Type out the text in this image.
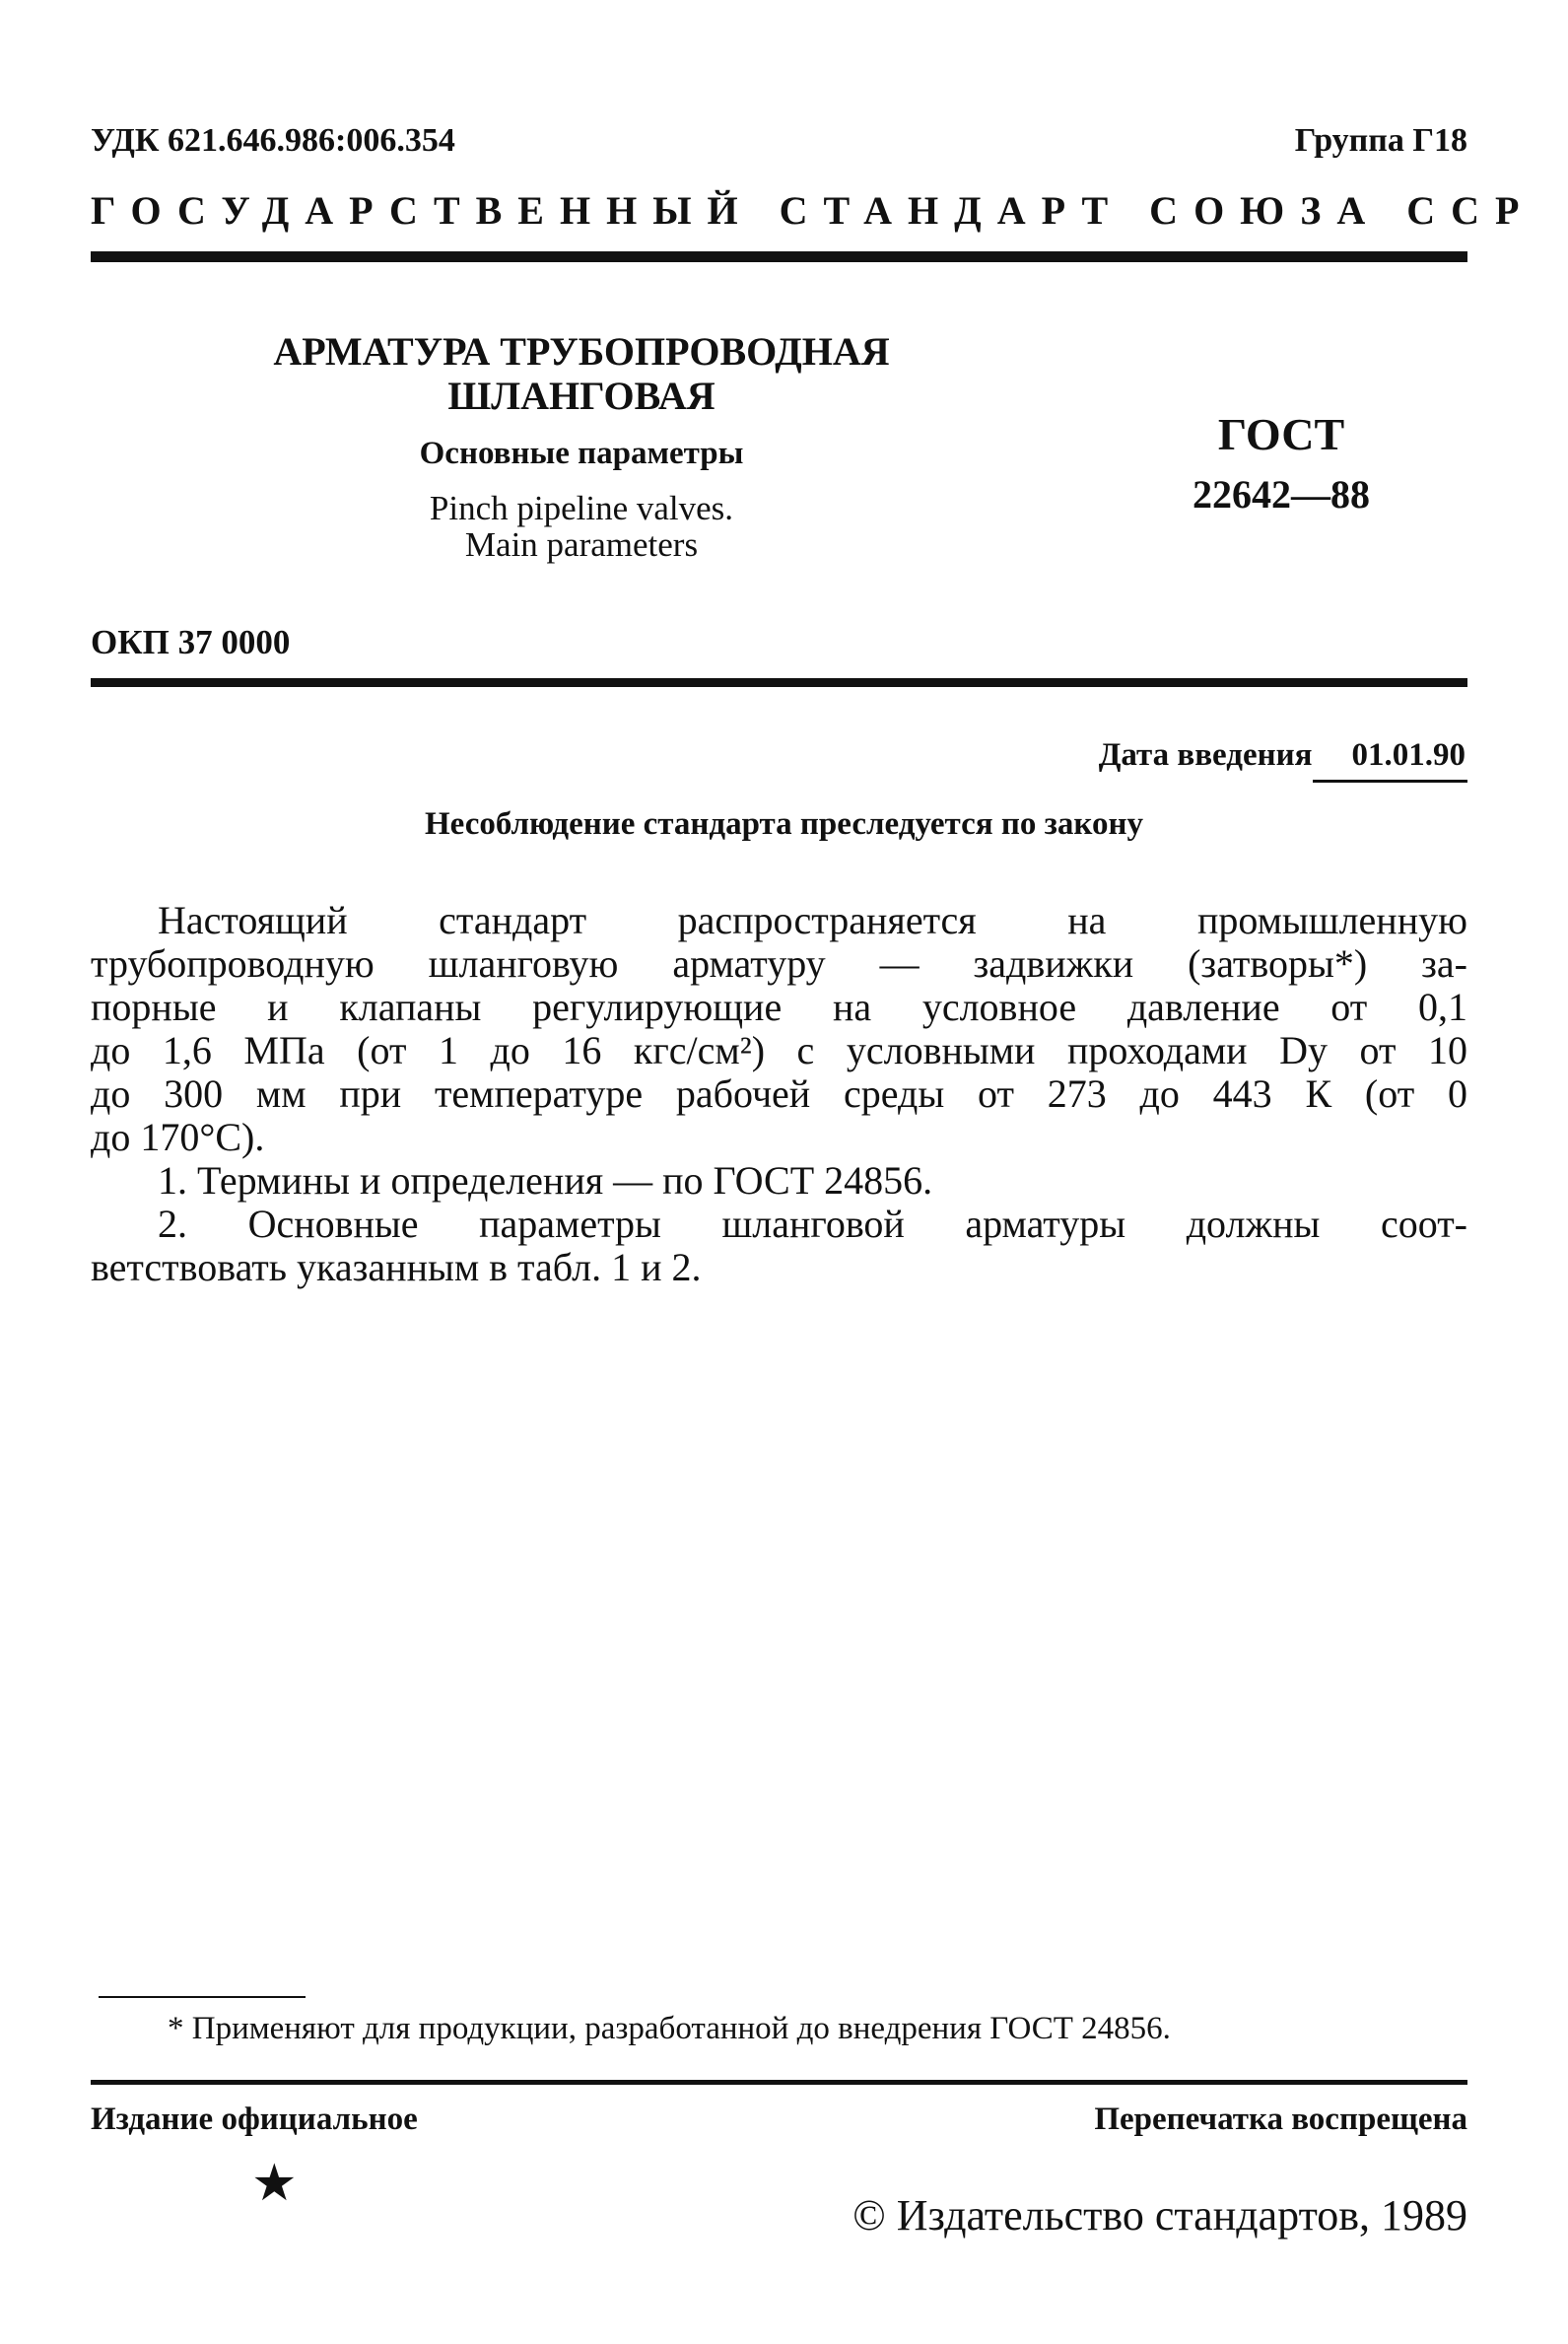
УДК 621.646.986:006.354	Группа Г18
ГОСУДАРСТВЕННЫЙ СТАНДАРТ СОЮЗА ССР
АРМАТУРА ТРУБОПРОВОДНАЯ
ШЛАНГОВАЯ
Основные параметры
Pinch pipeline valves.
Main parameters
ГОСТ
22642—88
ОКП 37 0000
Дата введения 01.01.90
Несоблюдение стандарта преследуется по закону
Настоящий стандарт распространяется на промышленную
трубопроводную шланговую арматуру — задвижки (затворы*) за-
порные и клапаны регулирующие на условное давление от 0,1
до 1,6 МПа (от 1 до 16 кгс/см²) с условными проходами Dу от 10
до 300 мм при температуре рабочей среды от 273 до 443 К (от 0
до 170°С).
1. Термины и определения — по ГОСТ 24856.
2. Основные параметры шланговой арматуры должны соот-
ветствовать указанным в табл. 1 и 2.
* Применяют для продукции, разработанной до внедрения ГОСТ 24856.
Издание официальное	Перепечатка воспрещена
★
© Издательство стандартов, 1989
